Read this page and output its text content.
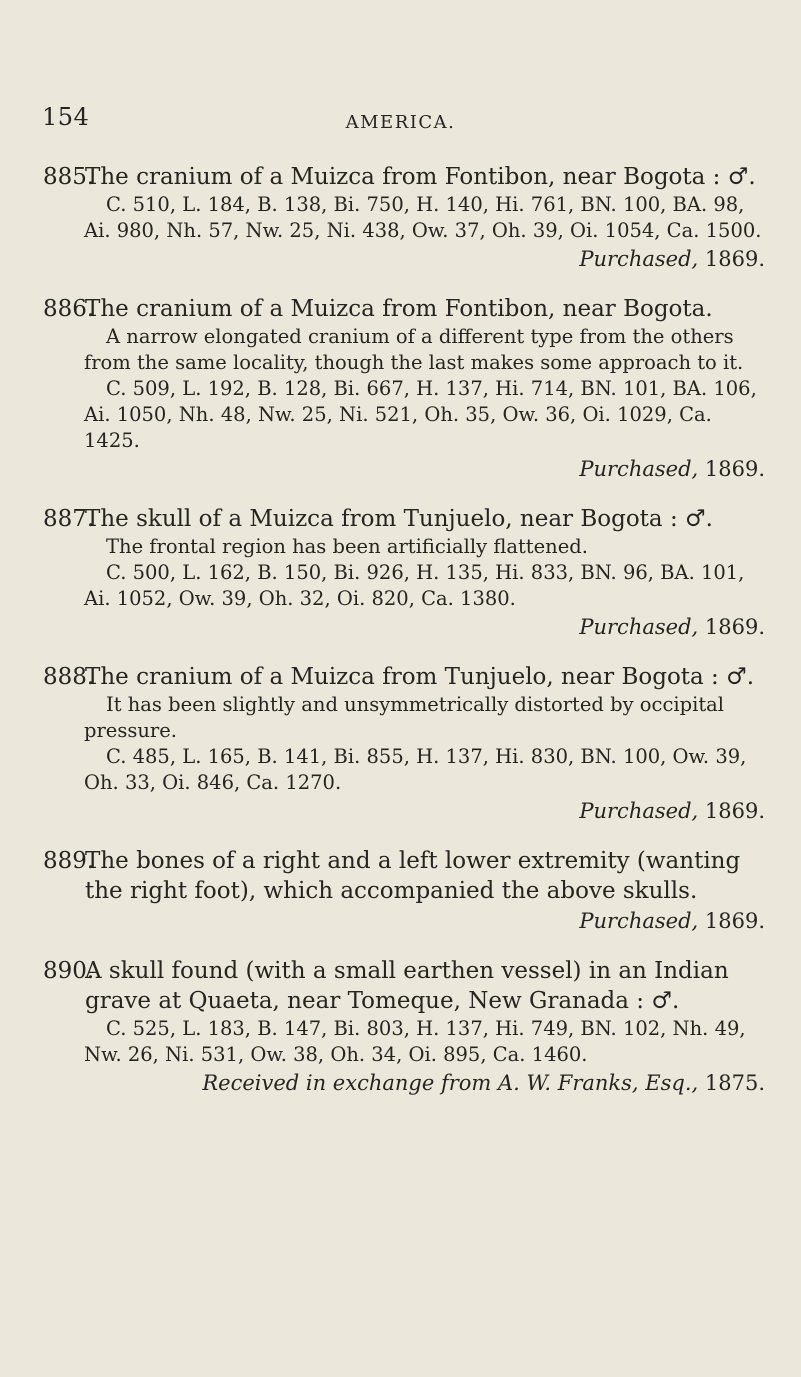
154	AMERICA.
885.

The cranium of a Muizca from Fontibon, near Bogota : ♂.

C. 510, L. 184, B. 138, Bi. 750, H. 140, Hi. 761, BN. 100, BA. 98, Ai. 980, Nh. 57, Nw. 25, Ni. 438, Ow. 37, Oh. 39, Oi. 1054, Ca. 1500.

Purchased, 1869.

886.

The cranium of a Muizca from Fontibon, near Bogota.

A narrow elongated cranium of a different type from the others from the same locality, though the last makes some approach to it.

C. 509, L. 192, B. 128, Bi. 667, H. 137, Hi. 714, BN. 101, BA. 106, Ai. 1050, Nh. 48, Nw. 25, Ni. 521, Oh. 35, Ow. 36, Oi. 1029, Ca. 1425.

Purchased, 1869.

887.

The skull of a Muizca from Tunjuelo, near Bogota : ♂.

The frontal region has been artificially flattened.

C. 500, L. 162, B. 150, Bi. 926, H. 135, Hi. 833, BN. 96, BA. 101, Ai. 1052, Ow. 39, Oh. 32, Oi. 820, Ca. 1380.

Purchased, 1869.

888.

The cranium of a Muizca from Tunjuelo, near Bogota : ♂.

It has been slightly and unsymmetrically distorted by occipital pressure.

C. 485, L. 165, B. 141, Bi. 855, H. 137, Hi. 830, BN. 100, Ow. 39, Oh. 33, Oi. 846, Ca. 1270.

Purchased, 1869.

889.

The bones of a right and a left lower extremity (wanting the right foot), which accompanied the above skulls.

Purchased, 1869.

890.

A skull found (with a small earthen vessel) in an Indian grave at Quaeta, near Tomeque, New Granada : ♂.

C. 525, L. 183, B. 147, Bi. 803, H. 137, Hi. 749, BN. 102, Nh. 49, Nw. 26, Ni. 531, Ow. 38, Oh. 34, Oi. 895, Ca. 1460.

Received in exchange from A. W. Franks, Esq., 1875.
